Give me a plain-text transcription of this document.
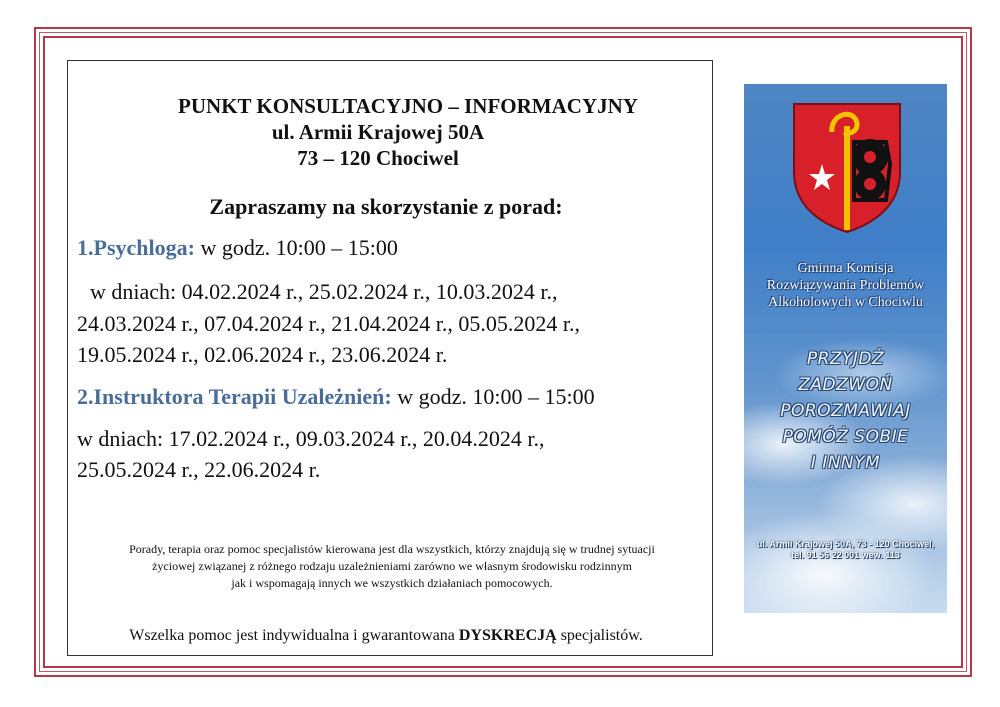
PUNKT KONSULTACYJNO – INFORMACYJNY
ul. Armii Krajowej 50A
73 – 120 Chociwel
Zapraszamy na skorzystanie z porad:
1.Psychloga: w godz. 10:00 – 15:00
w dniach: 04.02.2024 r., 25.02.2024 r., 10.03.2024 r.,
24.03.2024 r., 07.04.2024 r., 21.04.2024 r., 05.05.2024 r.,
19.05.2024 r., 02.06.2024 r., 23.06.2024 r.
2.Instruktora Terapii Uzależnień: w godz. 10:00 – 15:00
w dniach: 17.02.2024 r., 09.03.2024 r., 20.04.2024 r.,
25.05.2024 r., 22.06.2024 r.
Porady, terapia oraz pomoc specjalistów kierowana jest dla wszystkich, którzy znajdują się w trudnej sytuacji
życiowej związanej z różnego rodzaju uzależnieniami zarówno we własnym środowisku rodzinnym
jak i wspomagają innych we wszystkich działaniach pomocowych.
Wszelka pomoc jest indywidualna i gwarantowana DYSKRECJĄ specjalistów.
Gminna Komisja
Rozwiązywania Problemów
Alkoholowych w Chociwlu
PRZYJDŹ
ZADZWOŃ
POROZMAWIAJ
POMÓŻ SOBIE
I INNYM
ul. Armii Krajowej 50A, 73 - 120 Chociwel,
tel. 91 56 22 001 wew. 113
